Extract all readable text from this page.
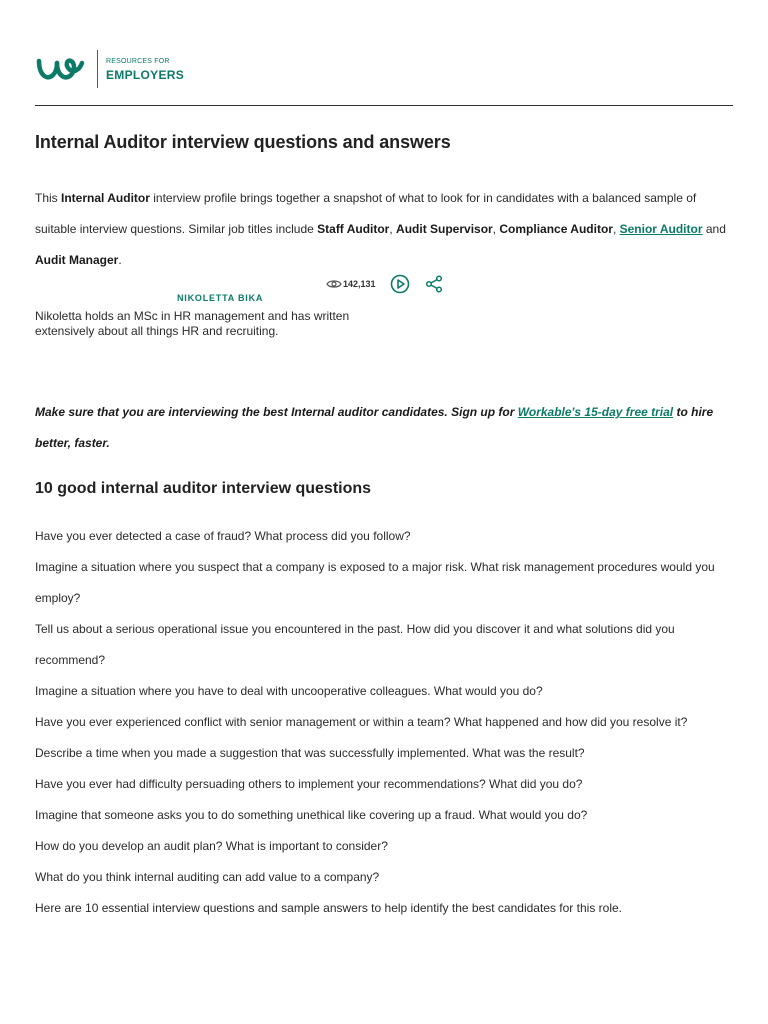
RESOURCES FOR
EMPLOYERS
Internal Auditor interview questions and answers

This Internal Auditor interview profile brings together a snapshot of what to look for in candidates with a balanced sample of suitable interview questions. Similar job titles include Staff Auditor, Audit Supervisor, Compliance Auditor, Senior Auditor and Audit Manager.

142,131
NIKOLETTA BIKA

Nikoletta holds an MSc in HR management and has written extensively about all things HR and recruiting.

Make sure that you are interviewing the best Internal auditor candidates. Sign up for Workable's 15-day free trial to hire better, faster.

10 good internal auditor interview questions
Have you ever detected a case of fraud? What process did you follow?
Imagine a situation where you suspect that a company is exposed to a major risk. What risk management procedures would you employ?
Tell us about a serious operational issue you encountered in the past. How did you discover it and what solutions did you recommend?
Imagine a situation where you have to deal with uncooperative colleagues. What would you do?
Have you ever experienced conflict with senior management or within a team? What happened and how did you resolve it?
Describe a time when you made a suggestion that was successfully implemented. What was the result?
Have you ever had difficulty persuading others to implement your recommendations? What did you do?
Imagine that someone asks you to do something unethical like covering up a fraud. What would you do?
How do you develop an audit plan? What is important to consider?
What do you think internal auditing can add value to a company?
Here are 10 essential interview questions and sample answers to help identify the best candidates for this role.
